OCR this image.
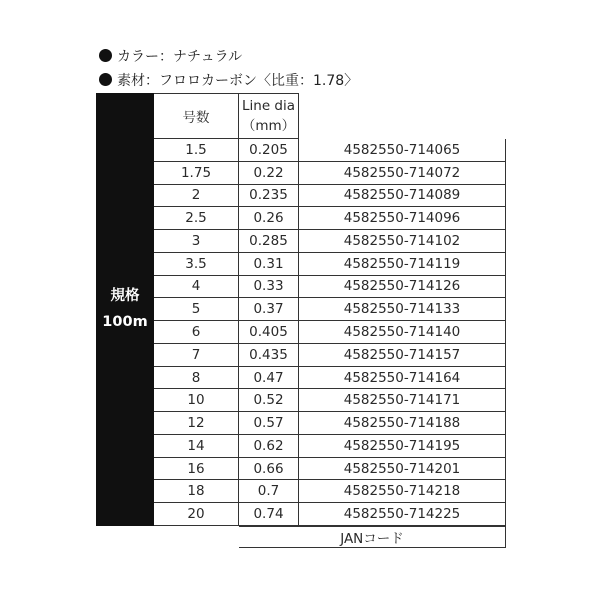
カラー：ナチュラル
素材：フロロカーボン〈比重：1.78〉
規格
100m
号数
Line dia
（mm）
JANコード
1.5	0.205	4582550-714065
1.75	0.22	4582550-714072
2	0.235	4582550-714089
2.5	0.26	4582550-714096
3	0.285	4582550-714102
3.5	0.31	4582550-714119
4	0.33	4582550-714126
5	0.37	4582550-714133
6	0.405	4582550-714140
7	0.435	4582550-714157
8	0.47	4582550-714164
10	0.52	4582550-714171
12	0.57	4582550-714188
14	0.62	4582550-714195
16	0.66	4582550-714201
18	0.7	4582550-714218
20	0.74	4582550-714225
